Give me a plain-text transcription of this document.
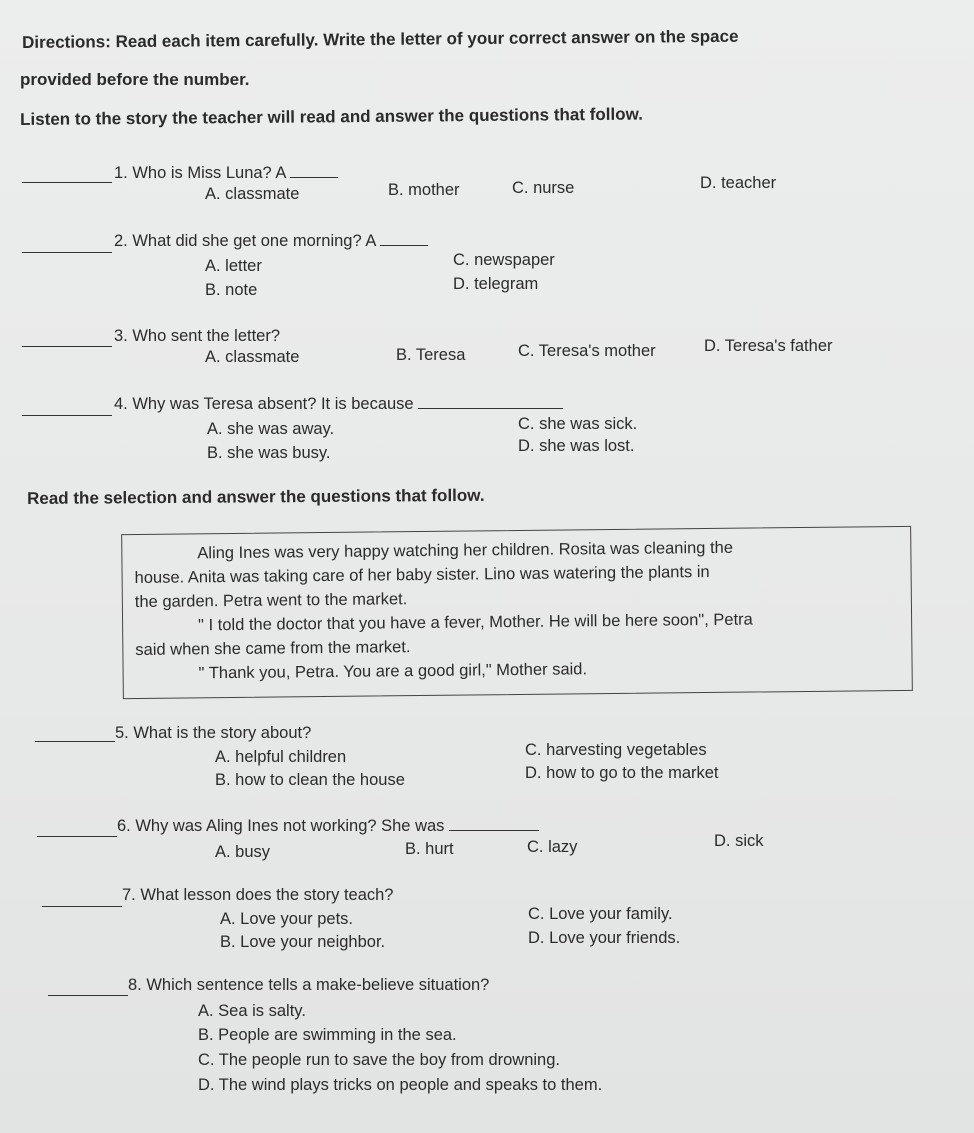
Directions: Read each item carefully. Write the letter of your correct answer on the space
provided before the number.
Listen to the story the teacher will read and answer the questions that follow.
1. Who is Miss Luna? A
A. classmate	B. mother	C. nurse	D. teacher
2. What did she get one morning? A
A. letter
B. note
C. newspaper
D. telegram
3. Who sent the letter?
A. classmate	B. Teresa	C. Teresa's mother	D. Teresa's father
4. Why was Teresa absent? It is because
A. she was away.
B. she was busy.
C. she was sick.
D. she was lost.
Read the selection and answer the questions that follow.
Aling Ines was very happy watching her children. Rosita was cleaning the
house. Anita was taking care of her baby sister. Lino was watering the plants in
the garden. Petra went to the market.
" I told the doctor that you have a fever, Mother. He will be here soon", Petra
said when she came from the market.
" Thank you, Petra. You are a good girl," Mother said.
5. What is the story about?
A. helpful children
B. how to clean the house
C. harvesting vegetables
D. how to go to the market
6. Why was Aling Ines not working? She was
A. busy	B. hurt	C. lazy	D. sick
7. What lesson does the story teach?
A. Love your pets.
B. Love your neighbor.
C. Love your family.
D. Love your friends.
8. Which sentence tells a make-believe situation?
A. Sea is salty.
B. People are swimming in the sea.
C. The people run to save the boy from drowning.
D. The wind plays tricks on people and speaks to them.
